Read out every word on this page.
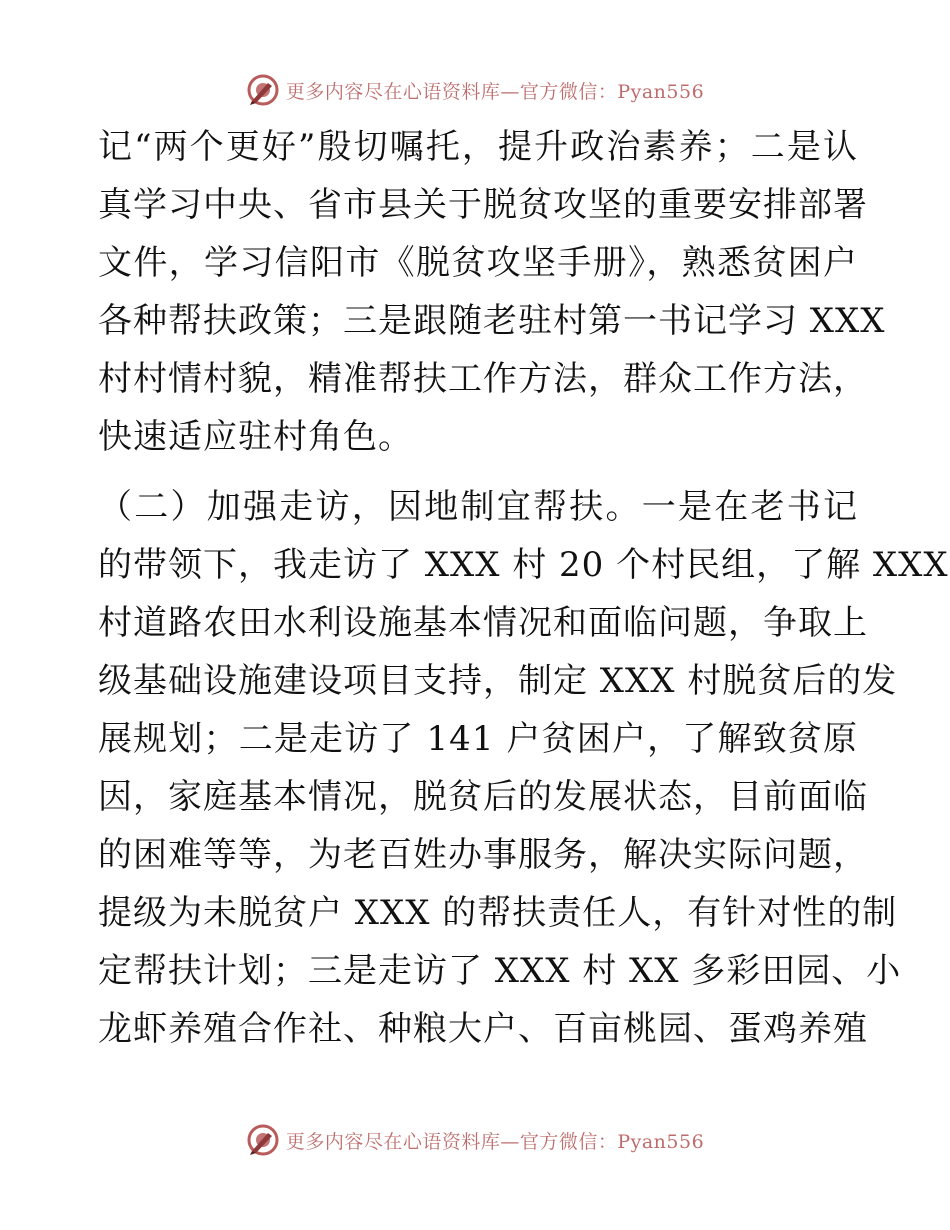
更多内容尽在心语资料库—官方微信：Pyan556
记“两个更好”殷切嘱托，提升政治素养；二是认
真学习中央、省市县关于脱贫攻坚的重要安排部署
文件，学习信阳市《脱贫攻坚手册》，熟悉贫困户
各种帮扶政策；三是跟随老驻村第一书记学习 XXX
村村情村貌，精准帮扶工作方法，群众工作方法，
快速适应驻村角色。
（二）加强走访，因地制宜帮扶。一是在老书记
的带领下，我走访了 XXX 村 20 个村民组，了解 XXX
村道路农田水利设施基本情况和面临问题，争取上
级基础设施建设项目支持，制定 XXX 村脱贫后的发
展规划；二是走访了 141 户贫困户，了解致贫原
因，家庭基本情况，脱贫后的发展状态，目前面临
的困难等等，为老百姓办事服务，解决实际问题，
提级为未脱贫户 XXX 的帮扶责任人，有针对性的制
定帮扶计划；三是走访了 XXX 村 XX 多彩田园、小
龙虾养殖合作社、种粮大户、百亩桃园、蛋鸡养殖
更多内容尽在心语资料库—官方微信：Pyan556
